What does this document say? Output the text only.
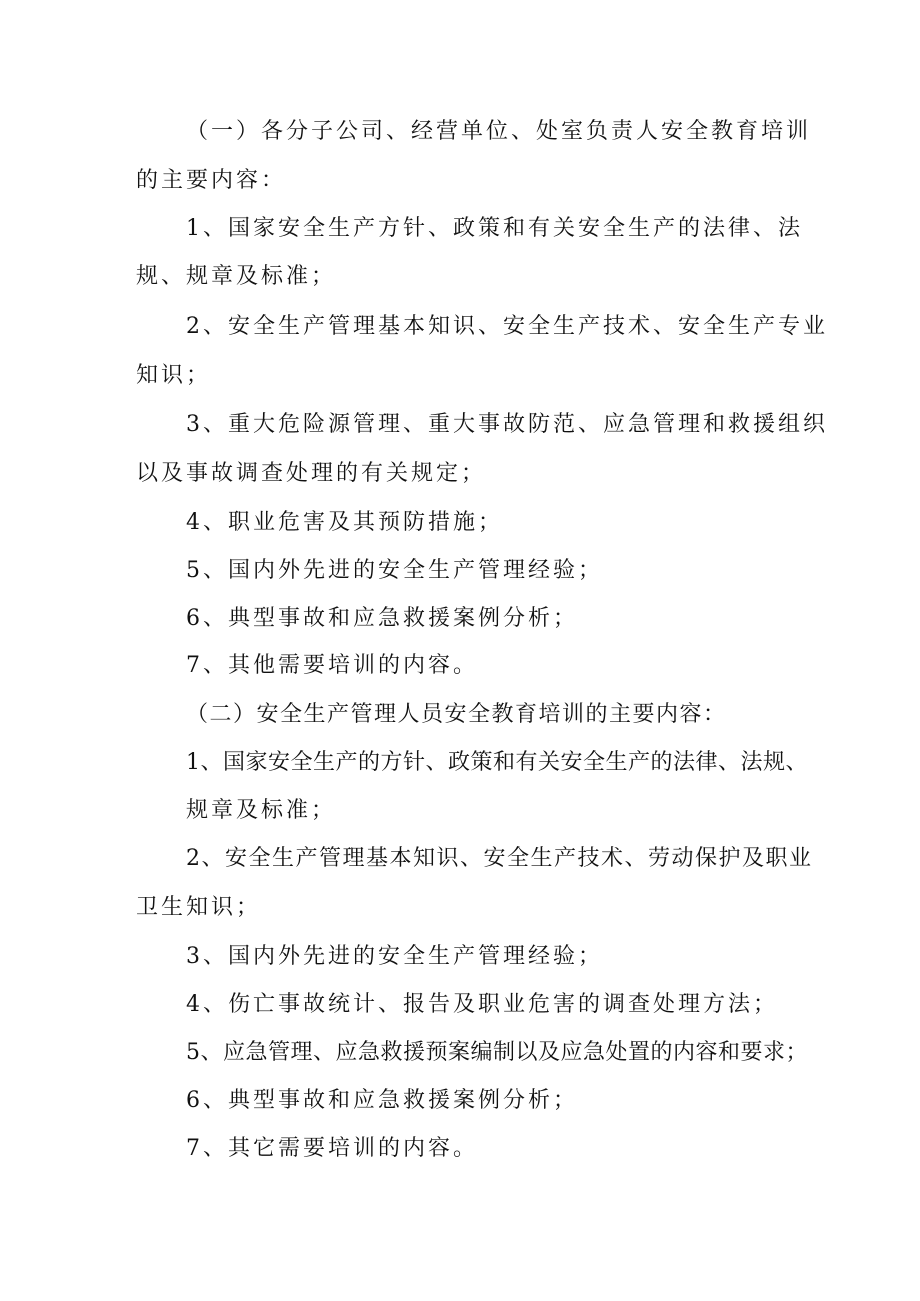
（一）各分子公司、经营单位、处室负责人安全教育培训
的主要内容：
1、国家安全生产方针、政策和有关安全生产的法律、法
规、规章及标准；
2、安全生产管理基本知识、安全生产技术、安全生产专业
知识；
3、重大危险源管理、重大事故防范、应急管理和救援组织
以及事故调查处理的有关规定；
4、职业危害及其预防措施；
5、国内外先进的安全生产管理经验；
6、典型事故和应急救援案例分析；
7、其他需要培训的内容。
（二）安全生产管理人员安全教育培训的主要内容：
1、国家安全生产的方针、政策和有关安全生产的法律、法规、
规章及标准；
2、安全生产管理基本知识、安全生产技术、劳动保护及职业
卫生知识；
3、国内外先进的安全生产管理经验；
4、伤亡事故统计、报告及职业危害的调查处理方法；
5、应急管理、应急救援预案编制以及应急处置的内容和要求；
6、典型事故和应急救援案例分析；
7、其它需要培训的内容。
